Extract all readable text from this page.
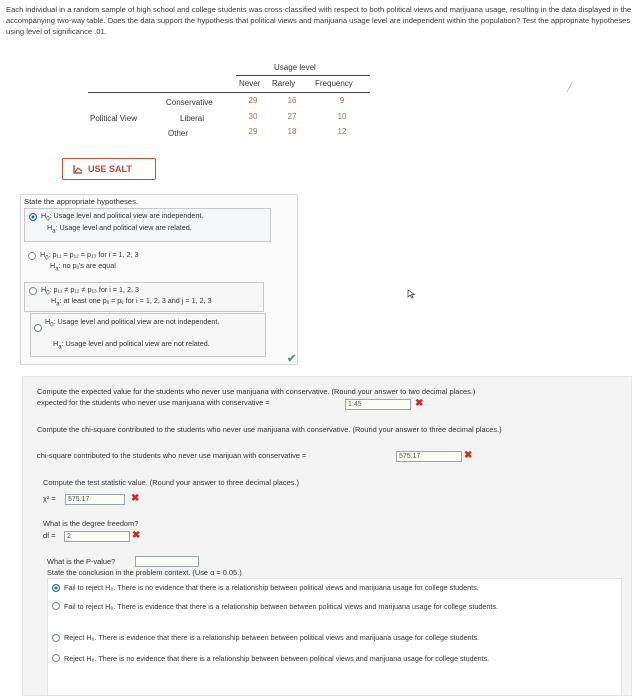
Each individual in a random sample of high school and college students was cross-classified with respect to both political views and marijuana usage, resulting in the data displayed in the accompanying two-way table. Does the data support the hypothesis that political views and marijuana usage level are independent within the population? Test the appropriate hypotheses using level of significance .01.
Usage level
Never Rarely Frequency
Political View
Conservative	29	16	9
Liberal	30	27	10
Other	29	18	12
╱
USE SALT
State the appropriate hypotheses.
$H_0$: Usage level and political view are independent.
$H_a$: Usage level and political view are related.
$H_0$: p₁₁ = p₁₂ = p₁₃ for i = 1, 2, 3
$H_a$: no pᵢⱼ's are equal
$H_0$: p₁₁ ≠ p₁₂ ≠ p₁₃ for i = 1, 2, 3
$H_a$: at least one pᵢⱼ = pᵢⱼ for i = 1, 2, 3 and j = 1, 2, 3
$H_0$: Usage level and political view are not independent.
$H_a$: Usage level and political view are not related.
✔
Compute the expected value for the students who never use marijuana with conservative. (Round your answer to two decimal places.)
expected for the students who never use marijuana with conservative =	1.45	✖
Compute the chi-square contributed to the students who never use marijuana with conservative. (Round your answer to three decimal places.)
chi-square contributed to the students who never use marijuan with conservative =	575.17	✖
Compute the test statistic value. (Round your answer to three decimal places.)
χ² =	575.17	✖
What is the degree freedom?
df =	2	✖
What is the P-value?
State the conclusion in the problem context. (Use α = 0.05.)
Fail to reject H₀. There is no evidence that there is a relationship between political views and marijuana usage for college students.
Fail to reject H₀. There is evidence that there is a relationship between between political views and marijuana usage for college students.
Reject H₀. There is evidence that there is a relationship between between political views and marijuana usage for college students.
Reject H₀. There is no evidence that there is a relationship between between political views and marijuana usage for college students.
